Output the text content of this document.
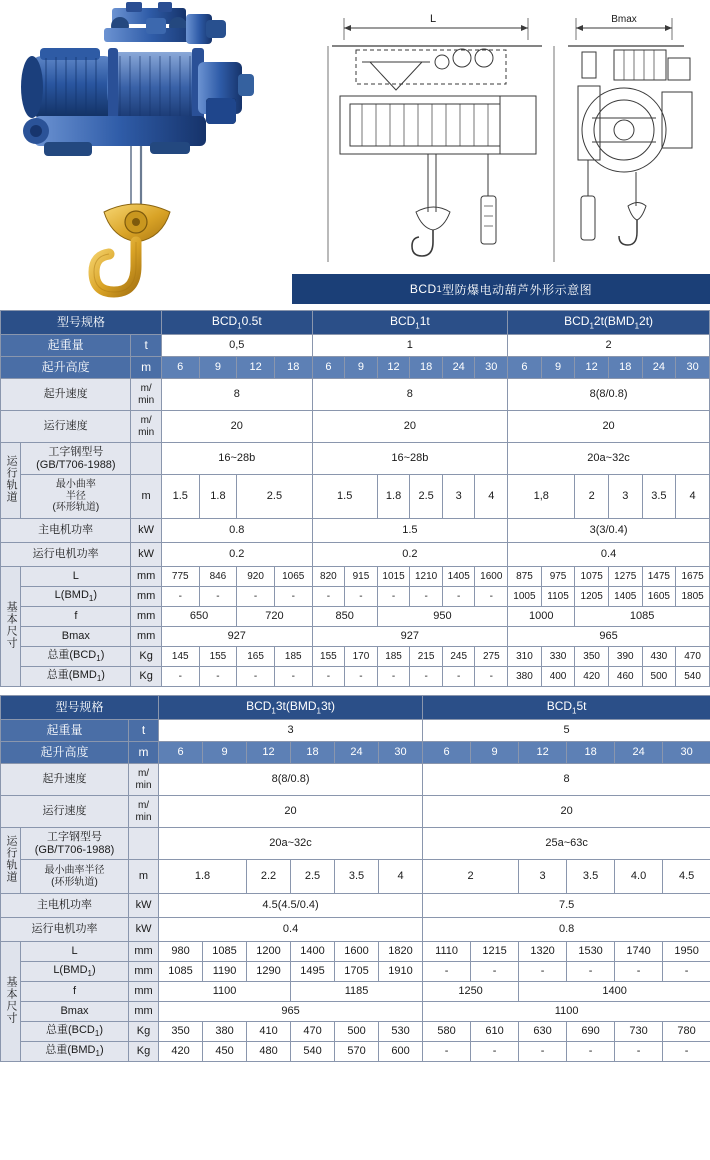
L	Bmax
BCD 1 型防爆电动葫芦外形示意图
型号规格			$BCD_10.5t$				$BCD_11t$						$BCD_12t(BMD_12t)$					
起重量		t	0,5				1						2					
起升高度		m	6	9	12	18	6	9	12	18	24	30	6	9	12	18	24	30
起升速度		m/
min	8				8						8(8/0.8)					
运行速度		m/
min	20				20						20					
运行轨道	工字钢型号
(GB/T706-1988)		16~28b				16~28b						20a~32c					
	最小曲率
半径
(环形轨道)	m	1.5	1.8	2.5		1.5		1.8	2.5	3	4	1,8		2	3	3.5	4
主电机功率		kW	0.8				1.5						3(3/0.4)					
运行电机功率		kW	0.2				0.2						0.4					
基本尺寸	L	mm	775	846	920	1065	820	915	1015	1210	1405	1600	875	975	1075	1275	1475	1675
	$L(BMD_1)$	mm	-	-	-	-	-	-	-	-	-	-	1005	1105	1205	1405	1605	1805
	f	mm	650		720		850		950				1000		1085			
	Bmax	mm	927				927						965					
	总重$(BCD_1)$	Kg	145	155	165	185	155	170	185	215	245	275	310	330	350	390	430	470
	总重$(BMD_1)$	Kg	-	-	-	-	-	-	-	-	-	-	380	400	420	460	500	540
型号规格			$BCD_13t(BMD_13t)$						$BCD_15t$					
起重量		t	3						5					
起升高度		m	6	9	12	18	24	30	6	9	12	18	24	30
起升速度		m/
min	8(8/0.8)						8					
运行速度		m/
min	20						20					
运行轨道	工字钢型号
(GB/T706-1988)		20a~32c						25a~63c					
	最小曲率半径
(环形轨道)	m	1.8		2.2	2.5	3.5	4	2		3	3.5	4.0	4.5
主电机功率		kW	4.5(4.5/0.4)						7.5					
运行电机功率		kW	0.4						0.8					
基本尺寸	L	mm	980	1085	1200	1400	1600	1820	1110	1215	1320	1530	1740	1950
	$L(BMD_1)$	mm	1085	1190	1290	1495	1705	1910	-	-	-	-	-	-
	f	mm	1100			1185			1250		1400			
	Bmax	mm	965						1100					
	总重$(BCD_1)$	Kg	350	380	410	470	500	530	580	610	630	690	730	780
	总重$(BMD_1)$	Kg	420	450	480	540	570	600	-	-	-	-	-	-
